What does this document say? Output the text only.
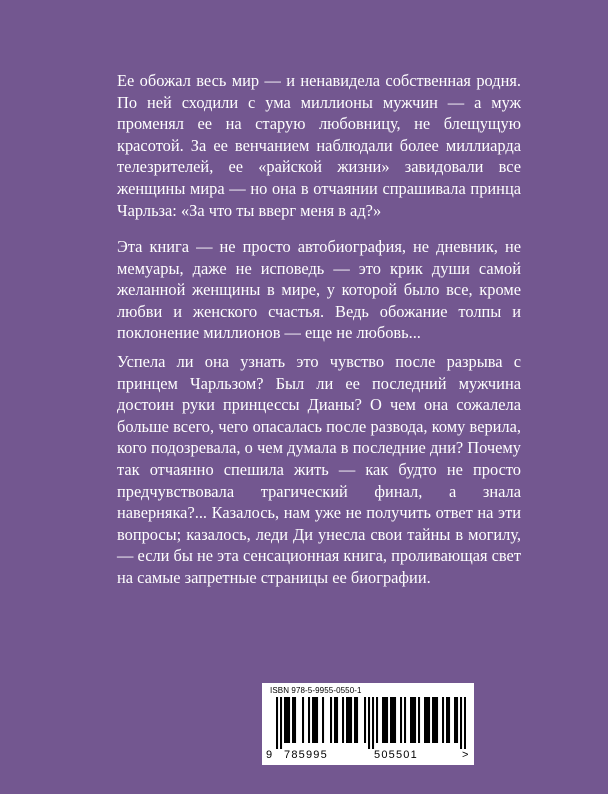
Ее обожал весь мир — и ненавидела собственная родня. По ней сходили с ума миллионы мужчин — а муж променял ее на старую любовницу, не блещущую красотой. За ее венчанием наблюдали более миллиарда телезрителей, ее «райской жизни» завидовали все женщины мира — но она в отчаянии спрашивала принца Чарльза: «За что ты вверг меня в ад?»

Эта книга — не просто автобиография, не дневник, не мемуары, даже не исповедь — это крик души самой желанной женщины в мире, у которой было все, кроме любви и женского счастья. Ведь обожание толпы и поклонение миллионов — еще не любовь...

Успела ли она узнать это чувство после разрыва с принцем Чарльзом? Был ли ее последний мужчина достоин руки принцессы Дианы? О чем она сожалела больше всего, чего опасалась после развода, кому верила, кого подозревала, о чем думала в последние дни? Почему так отчаянно спешила жить — как будто не просто предчувствовала трагический финал, а знала наверняка?... Казалось, нам уже не получить ответ на эти вопросы; казалось, леди Ди унесла свои тайны в могилу, — если бы не эта сенсационная книга, проливающая свет на самые запретные страницы ее биографии.

ISBN 978-5-9955-0550-1
9 785995	505501	>
